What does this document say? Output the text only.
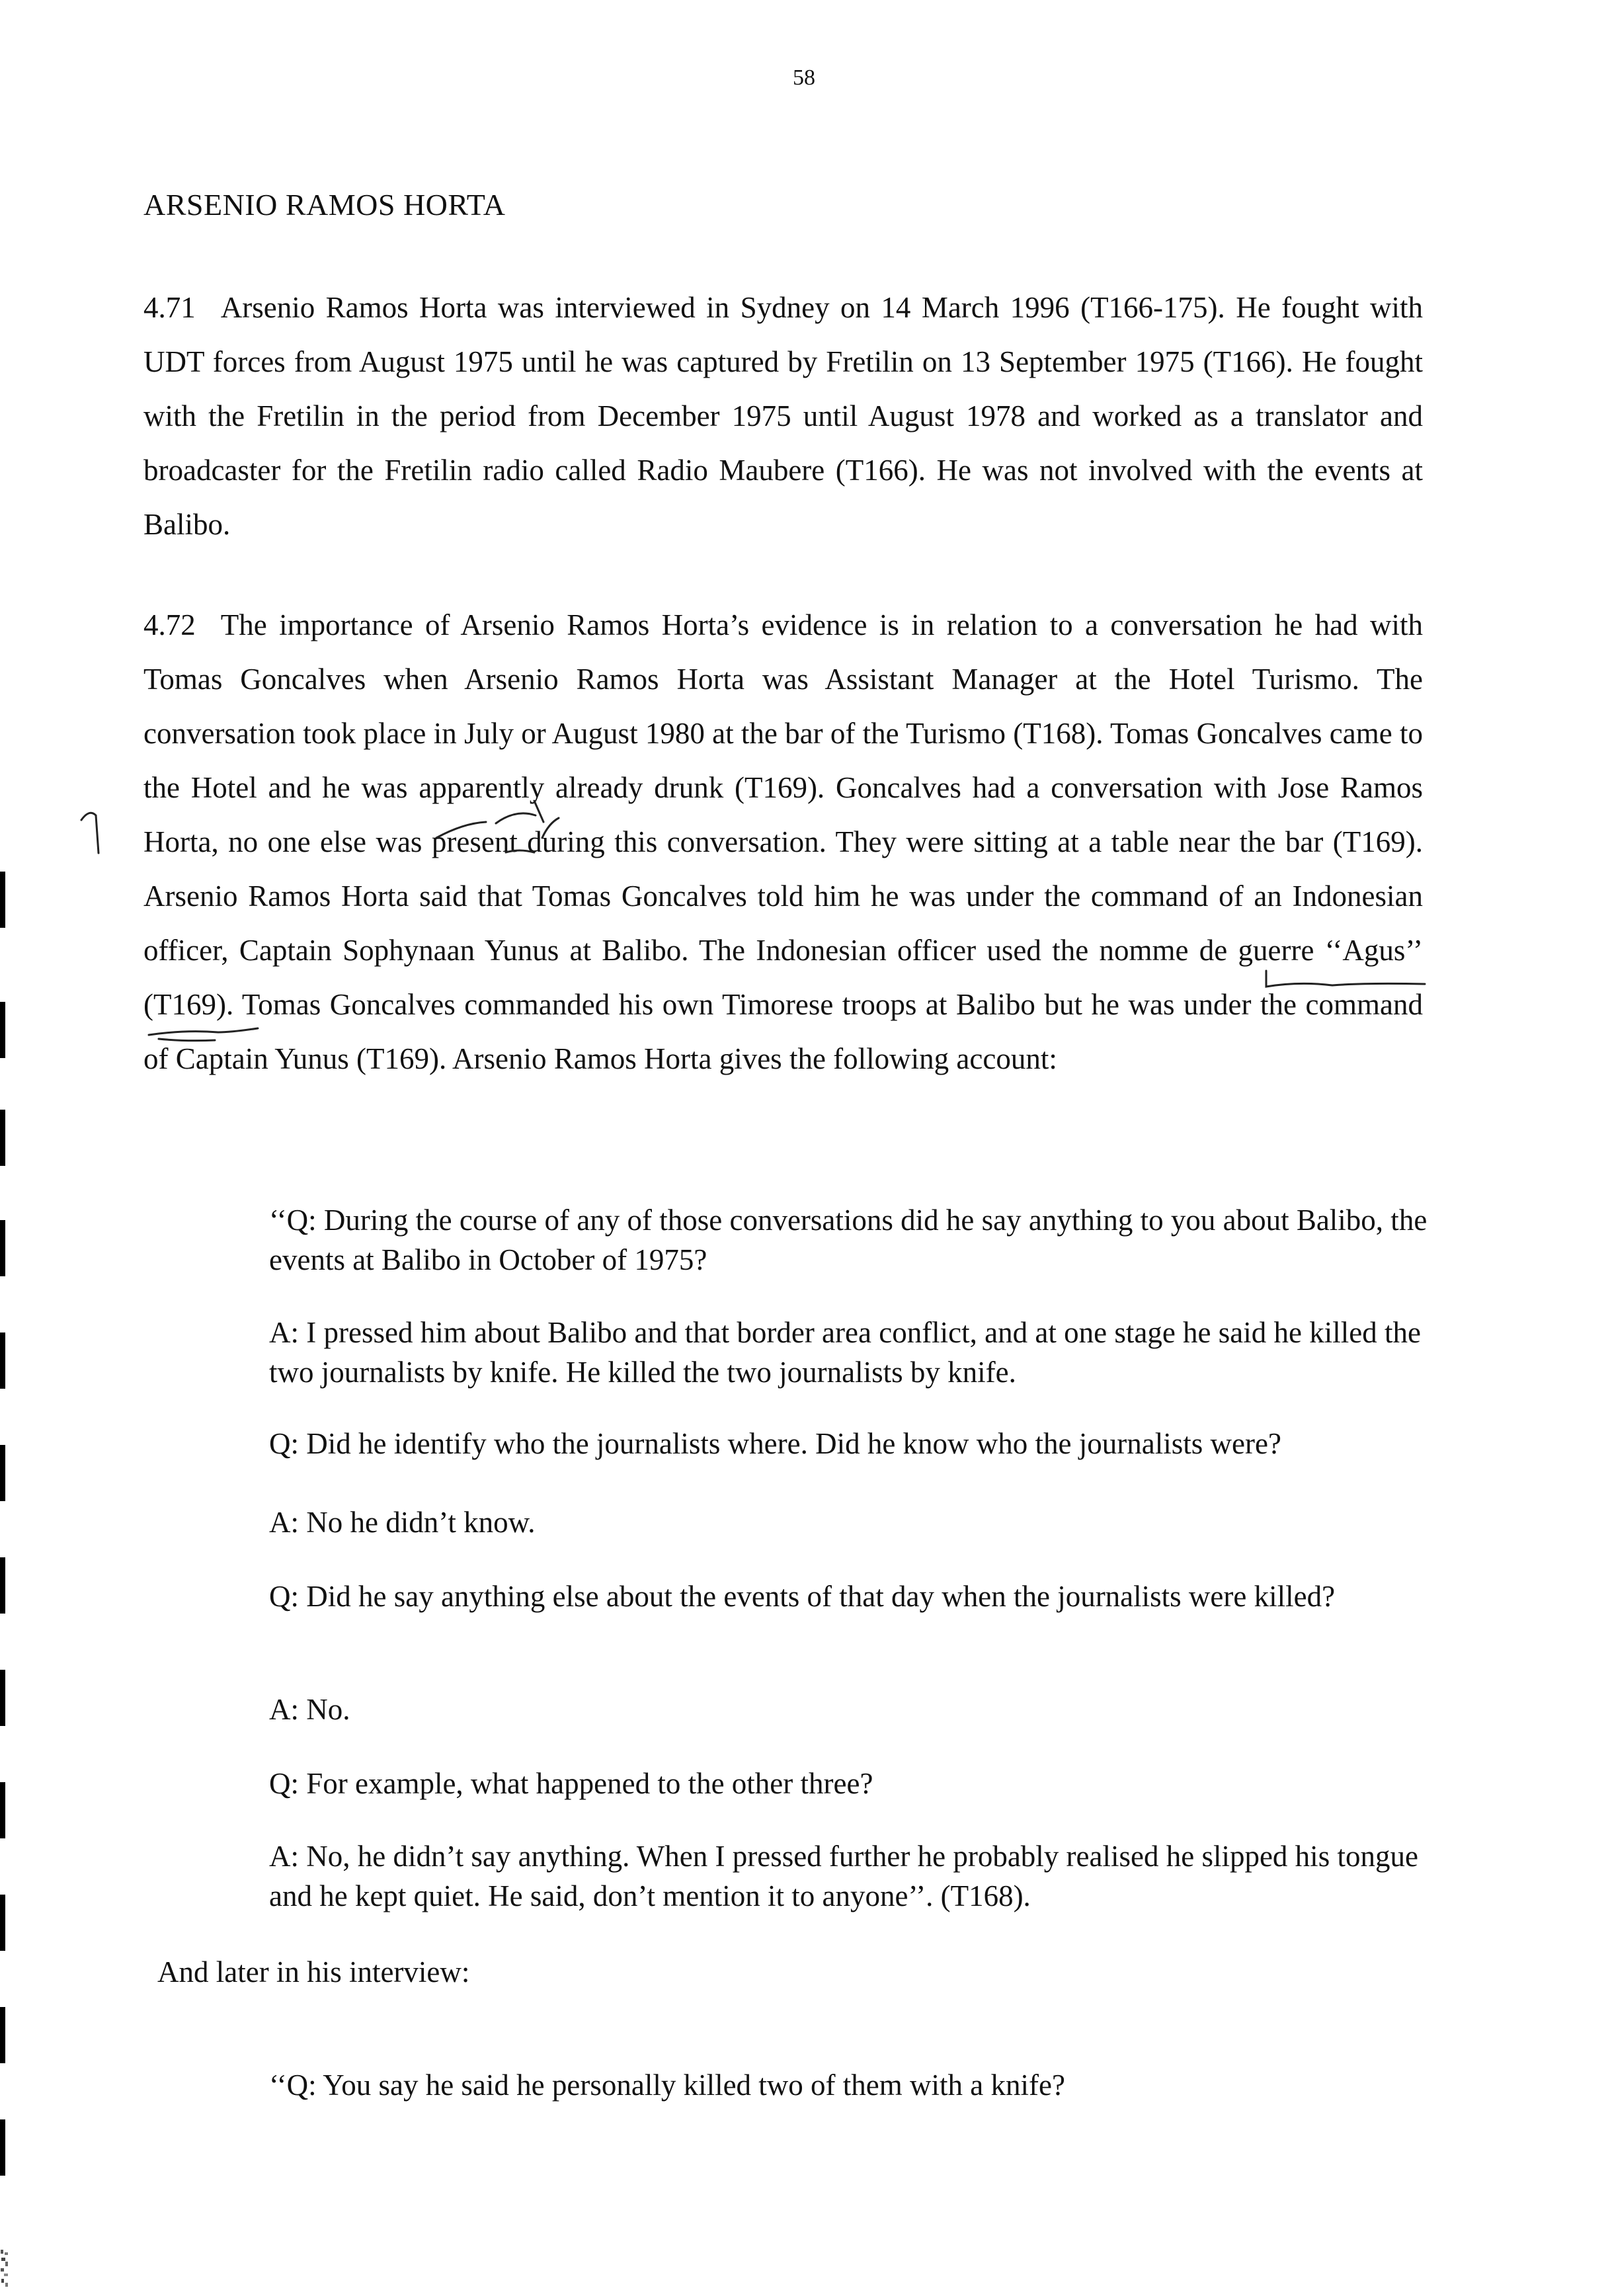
58
ARSENIO RAMOS HORTA

4.71 Arsenio Ramos Horta was interviewed in Sydney on 14 March 1996 (T166-175). He fought with UDT forces from August 1975 until he was captured by Fretilin on 13 September 1975 (T166). He fought with the Fretilin in the period from December 1975 until August 1978 and worked as a translator and broadcaster for the Fretilin radio called Radio Maubere (T166). He was not involved with the events at Balibo.

4.72 The importance of Arsenio Ramos Horta’s evidence is in relation to a conversation he had with Tomas Goncalves when Arsenio Ramos Horta was Assistant Manager at the Hotel Turismo. The conversation took place in July or August 1980 at the bar of the Turismo (T168). Tomas Goncalves came to the Hotel and he was apparently already drunk (T169). Goncalves had a conversation with Jose Ramos Horta, no one else was present during this conversation. They were sitting at a table near the bar (T169). Arsenio Ramos Horta said that Tomas Goncalves told him he was under the command of an Indonesian officer, Captain Sophynaan Yunus at Balibo. The Indonesian officer used the nomme de guerre ‘‘Agus’’ (T169). Tomas Goncalves commanded his own Timorese troops at Balibo but he was under the command of Captain Yunus (T169). Arsenio Ramos Horta gives the following account:

‘‘Q: During the course of any of those conversations did he say anything to you about Balibo, the events at Balibo in October of 1975?

A: I pressed him about Balibo and that border area conflict, and at one stage he said he killed the two journalists by knife. He killed the two journalists by knife.

Q: Did he identify who the journalists where. Did he know who the journalists were?

A: No he didn’t know.

Q: Did he say anything else about the events of that day when the journalists were killed?

A: No.

Q: For example, what happened to the other three?

A: No, he didn’t say anything. When I pressed further he probably realised he slipped his tongue and he kept quiet. He said, don’t mention it to anyone’’. (T168).

And later in his interview:

‘‘Q: You say he said he personally killed two of them with a knife?
